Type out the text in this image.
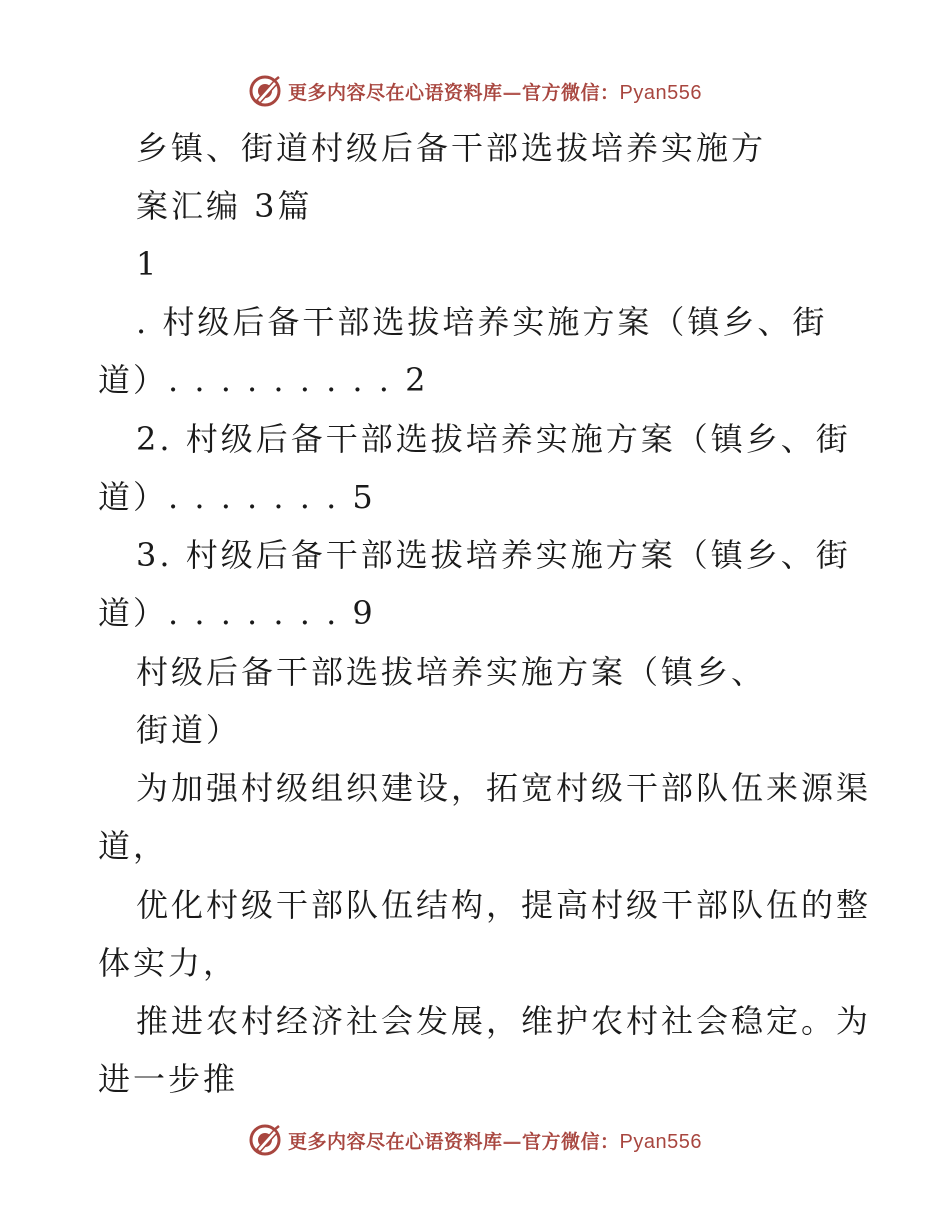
更多内容尽在心语资料库—官方微信：Pyan556
乡镇、街道村级后备干部选拔培养实施方
案汇编 3篇
1
. 村级后备干部选拔培养实施方案（镇乡、街
道）. . . . . . . . . 2
2. 村级后备干部选拔培养实施方案（镇乡、街
道）. . . . . . . 5
3. 村级后备干部选拔培养实施方案（镇乡、街
道）. . . . . . . 9
村级后备干部选拔培养实施方案（镇乡、
街道）
为加强村级组织建设，拓宽村级干部队伍来源渠
道，
优化村级干部队伍结构，提高村级干部队伍的整
体实力，
推进农村经济社会发展，维护农村社会稳定。为
进一步推
更多内容尽在心语资料库—官方微信：Pyan556
